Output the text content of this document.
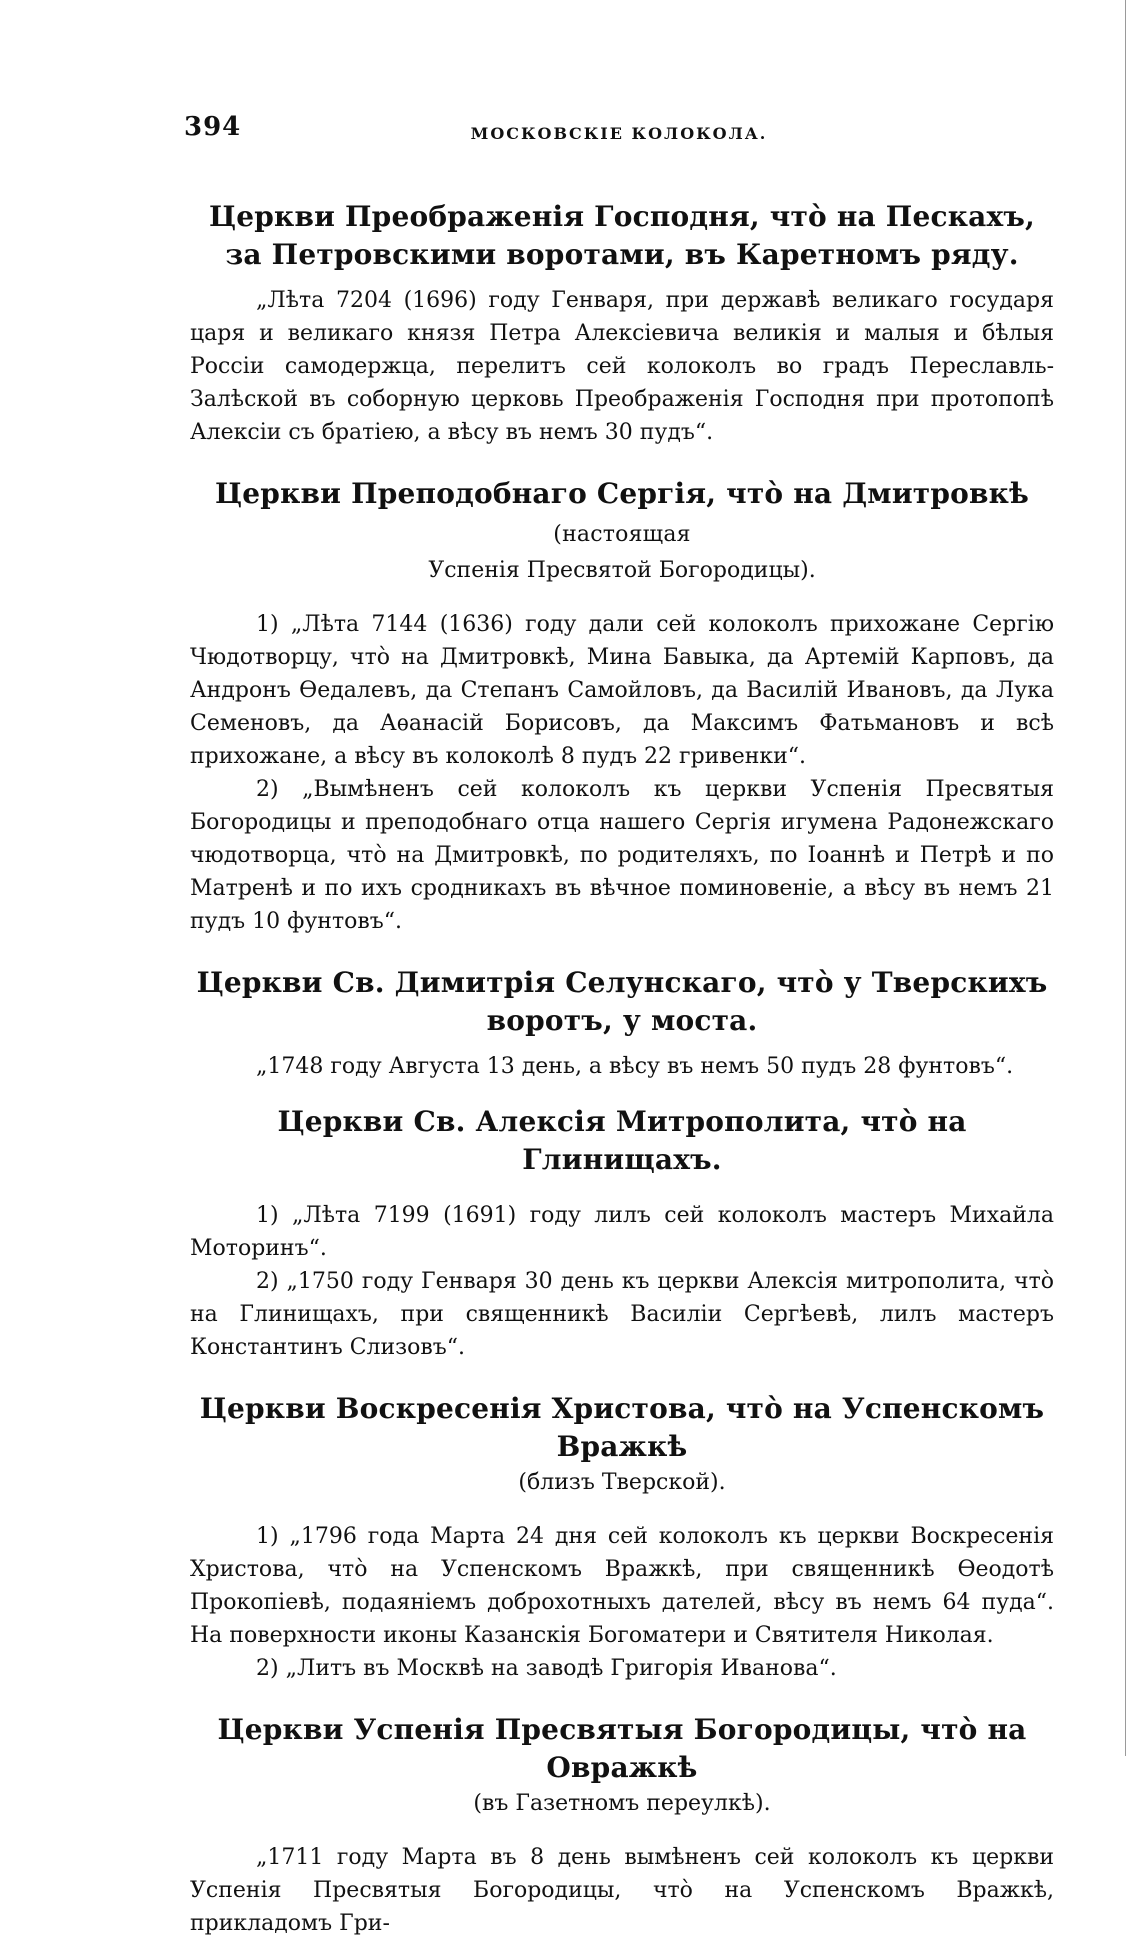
394	МОСКОВСКІЕ КОЛОКОЛА.
Церкви Преображенія Господня, что̀ на Пескахъ, за Петровскими воротами, въ Каретномъ ряду.

„Лѣта 7204 (1696) году Генваря, при державѣ великаго государя царя и великаго князя Петра Алексіевича великія и малыя и бѣлыя Россіи самодержца, перелитъ сей колоколъ во градъ Переславль-Залѣской въ соборную церковь Преображенія Господня при протопопѣ Алексіи съ братіею, а вѣсу въ немъ 30 пудъ“.

Церкви Преподобнаго Сергія, что̀ на Дмитровкѣ (настоящая

Успенія Пресвятой Богородицы).

1) „Лѣта 7144 (1636) году дали сей колоколъ прихожане Сергію Чюдотворцу, что̀ на Дмитровкѣ, Мина Бавыка, да Артемій Карповъ, да Андронъ Ѳедалевъ, да Степанъ Самойловъ, да Василій Ивановъ, да Лука Семеновъ, да Аѳанасій Борисовъ, да Максимъ Фатьмановъ и всѣ прихожане, а вѣсу въ колоколѣ 8 пудъ 22 гривенки“.

2) „Вымѣненъ сей колоколъ къ церкви Успенія Пресвятыя Богородицы и преподобнаго отца нашего Сергія игумена Радонежскаго чюдотворца, что̀ на Дмитровкѣ, по родителяхъ, по Іоаннѣ и Петрѣ и по Матренѣ и по ихъ сродникахъ въ вѣчное поминовеніе, а вѣсу въ немъ 21 пудъ 10 фунтовъ“.

Церкви Св. Димитрія Селунскаго, что̀ у Тверскихъ воротъ, у моста.

„1748 году Августа 13 день, а вѣсу въ немъ 50 пудъ 28 фунтовъ“.

Церкви Св. Алексія Митрополита, что̀ на Глинищахъ.

1) „Лѣта 7199 (1691) году лилъ сей колоколъ мастеръ Михайла Моторинъ“.

2) „1750 году Генваря 30 день къ церкви Алексія митрополита, что̀ на Глинищахъ, при священникѣ Василіи Сергѣевѣ, лилъ мастеръ Константинъ Слизовъ“.

Церкви Воскресенія Христова, что̀ на Успенскомъ Вражкѣ

(близъ Тверской).

1) „1796 года Марта 24 дня сей колоколъ къ церкви Воскресенія Христова, что̀ на Успенскомъ Вражкѣ, при священникѣ Ѳеодотѣ Прокопіевѣ, подаяніемъ доброхотныхъ дателей, вѣсу въ немъ 64 пуда“. На поверхности иконы Казанскія Богоматери и Святителя Николая.

2) „Литъ въ Москвѣ на заводѣ Григорія Иванова“.

Церкви Успенія Пресвятыя Богородицы, что̀ на Овражкѣ

(въ Газетномъ переулкѣ).

„1711 году Марта въ 8 день вымѣненъ сей колоколъ къ церкви Успенія Пресвятыя Богородицы, что̀ на Успенскомъ Вражкѣ, прикладомъ Гри-
